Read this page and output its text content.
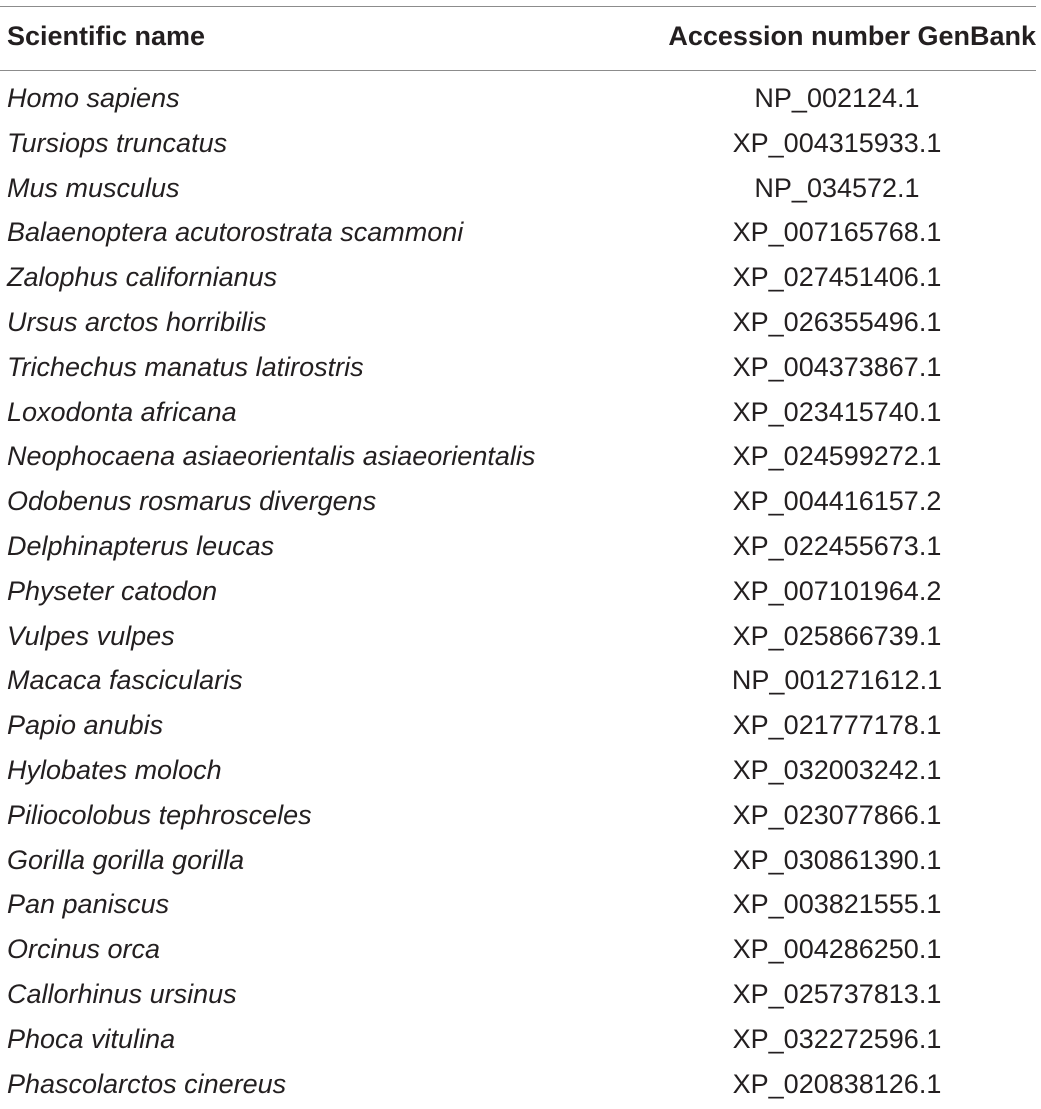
Scientific name	Accession number GenBank
Homo sapiens	NP_002124.1
Tursiops truncatus	XP_004315933.1
Mus musculus	NP_034572.1
Balaenoptera acutorostrata scammoni	XP_007165768.1
Zalophus californianus	XP_027451406.1
Ursus arctos horribilis	XP_026355496.1
Trichechus manatus latirostris	XP_004373867.1
Loxodonta africana	XP_023415740.1
Neophocaena asiaeorientalis asiaeorientalis	XP_024599272.1
Odobenus rosmarus divergens	XP_004416157.2
Delphinapterus leucas	XP_022455673.1
Physeter catodon	XP_007101964.2
Vulpes vulpes	XP_025866739.1
Macaca fascicularis	NP_001271612.1
Papio anubis	XP_021777178.1
Hylobates moloch	XP_032003242.1
Piliocolobus tephrosceles	XP_023077866.1
Gorilla gorilla gorilla	XP_030861390.1
Pan paniscus	XP_003821555.1
Orcinus orca	XP_004286250.1
Callorhinus ursinus	XP_025737813.1
Phoca vitulina	XP_032272596.1
Phascolarctos cinereus	XP_020838126.1
